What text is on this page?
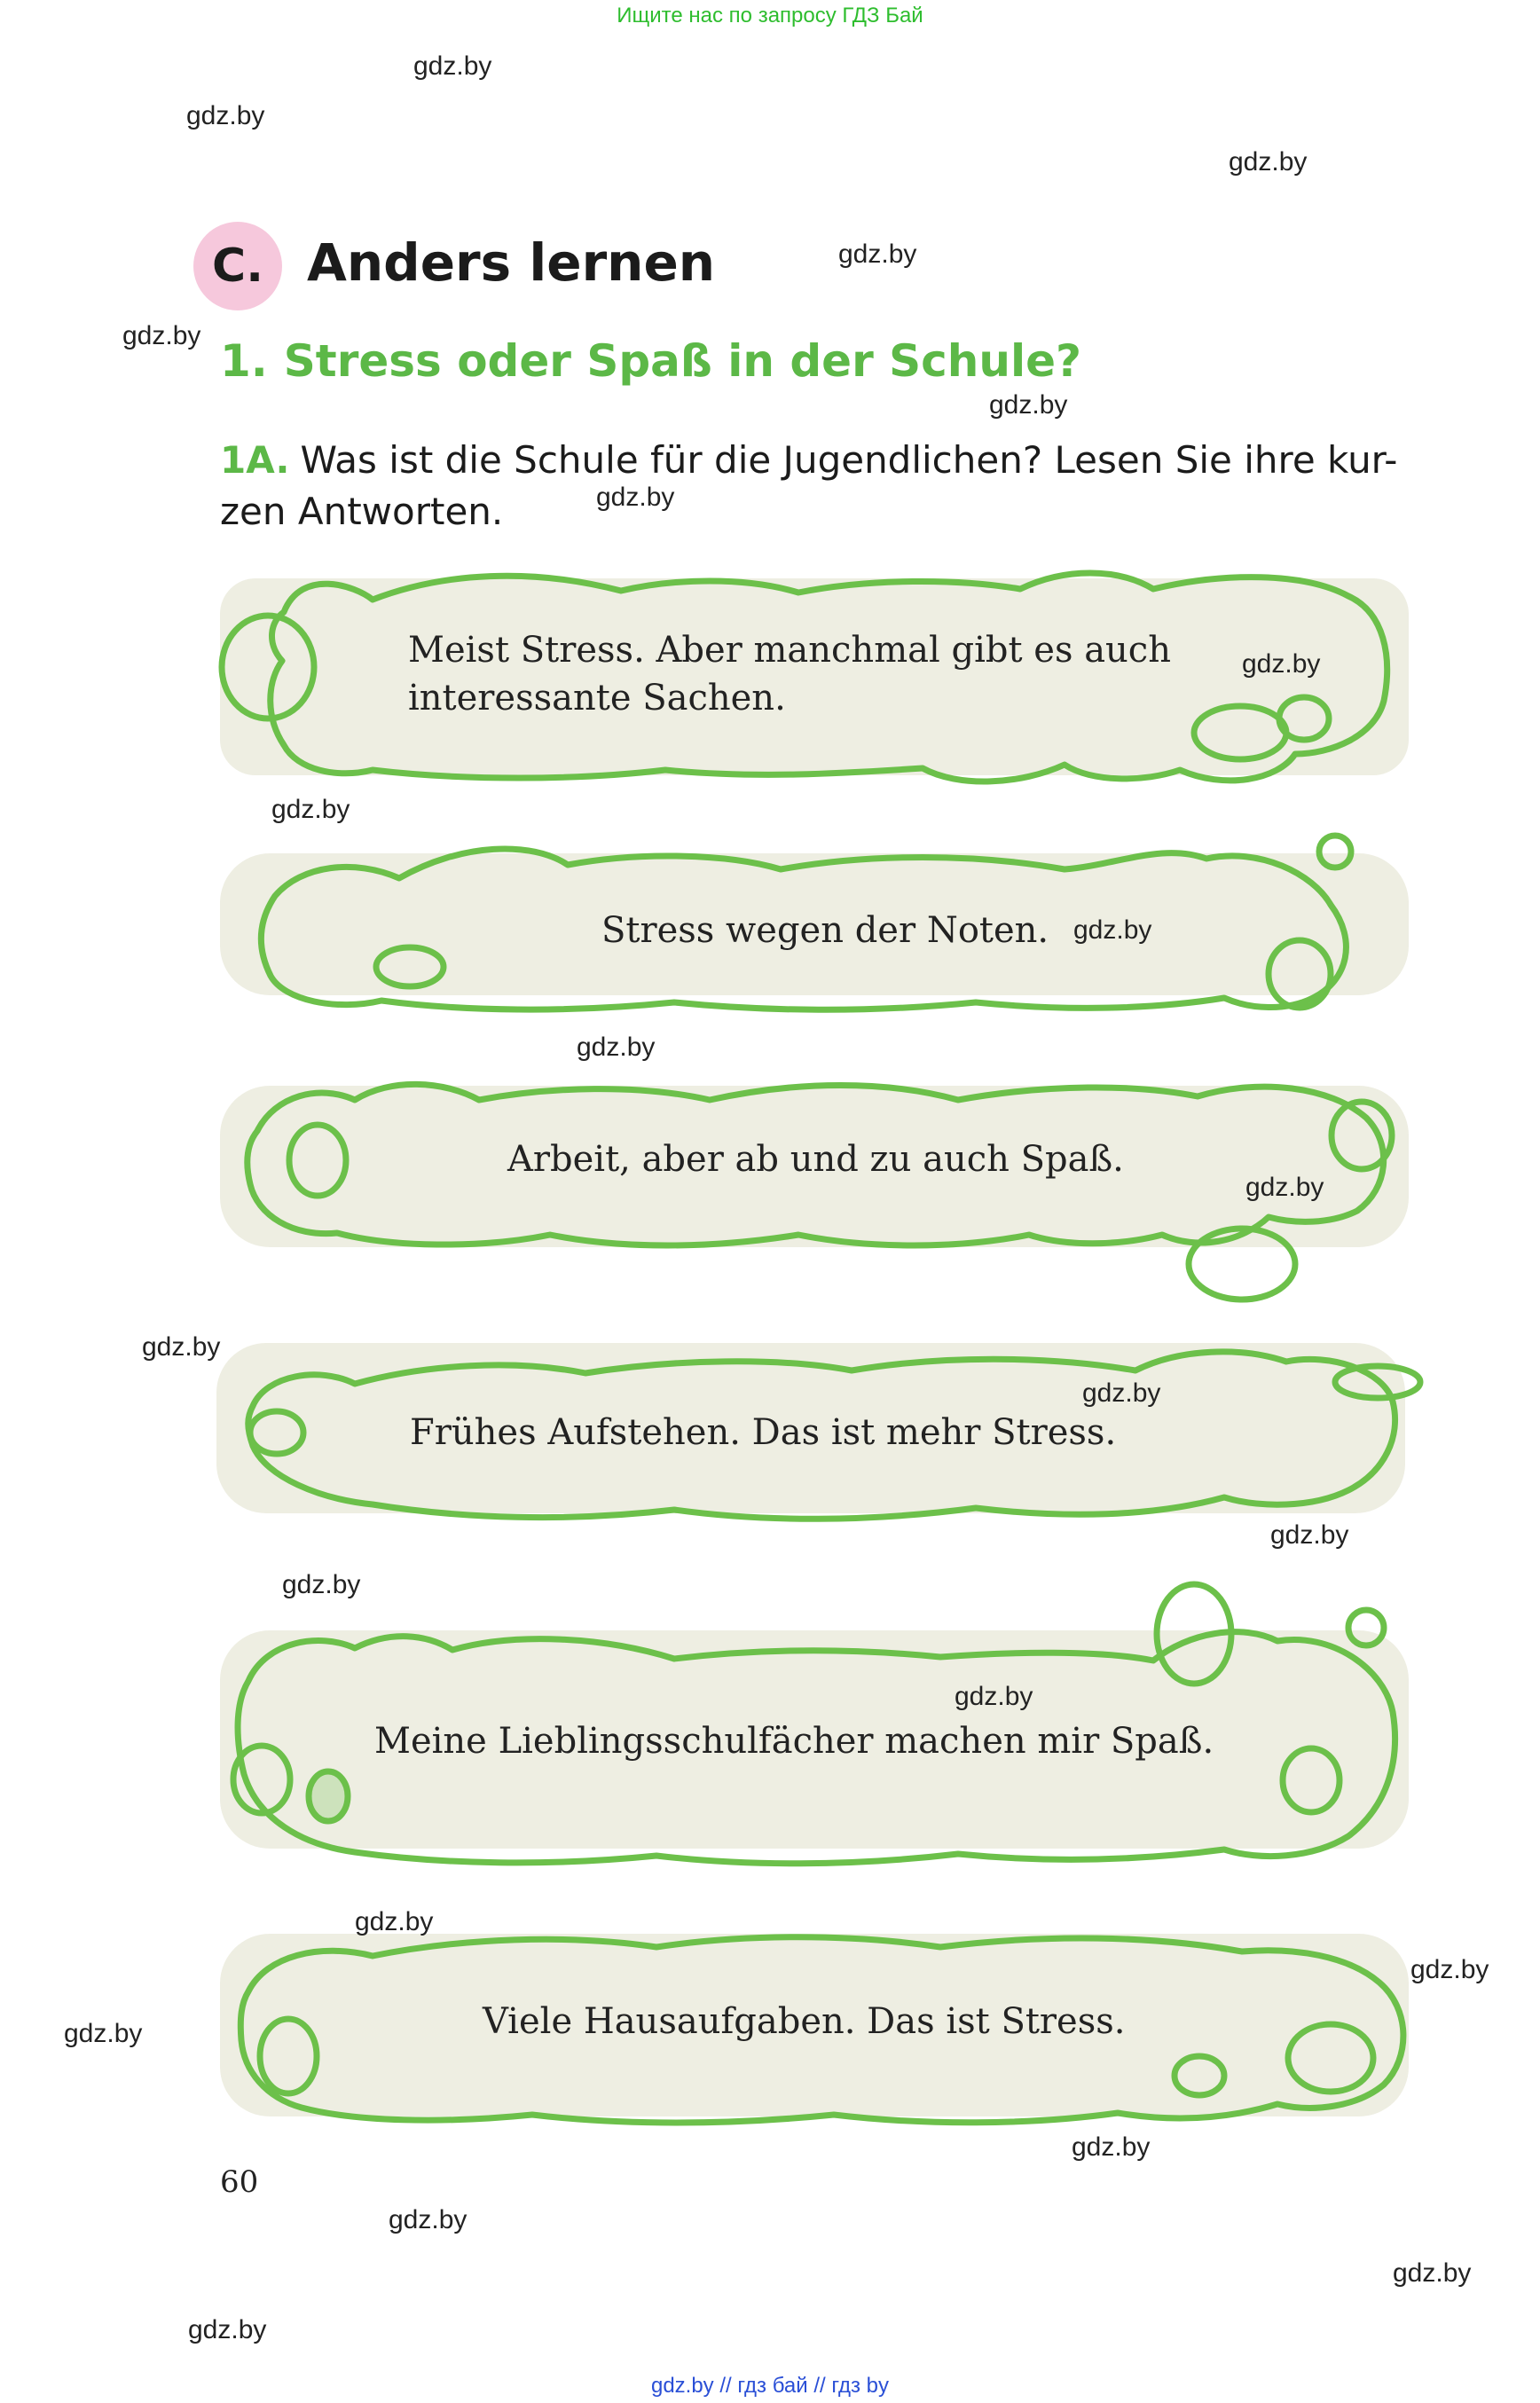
Ищите нас по запросу ГДЗ Бай
gdz.by
gdz.by
gdz.by
gdz.by
gdz.by
gdz.by
gdz.by
C. Anders lernen
1. Stress oder Spaß in der Schule?
1A. Was ist die Schule für die Jugendlichen? Lesen Sie ihre kur-
zen Antworten.
Meist Stress. Aber manchmal gibt es auch
interessante Sachen.
Stress wegen der Noten.
Arbeit, aber ab und zu auch Spaß.
Frühes Aufstehen. Das ist mehr Stress.
Meine Lieblingsschulfächer machen mir Spaß.
Viele Hausaufgaben. Das ist Stress.
gdz.by
gdz.by
gdz.by
gdz.by
gdz.by
gdz.by
gdz.by
gdz.by
gdz.by
gdz.by
gdz.by
gdz.by
gdz.by
gdz.by
gdz.by
gdz.by
gdz.by
60
gdz.by // гдз бай // гдз by
